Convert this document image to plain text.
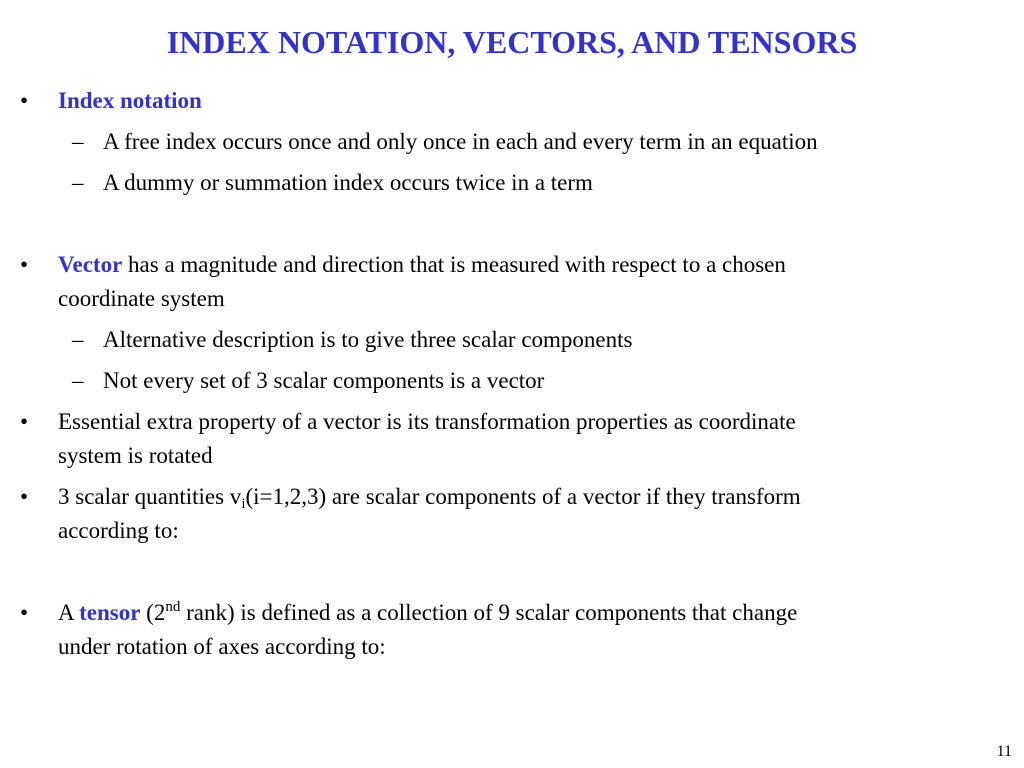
INDEX NOTATION, VECTORS, AND TENSORS
• Index notation
– A free index occurs once and only once in each and every term in an equation
– A dummy or summation index occurs twice in a term
• Vector has a magnitude and direction that is measured with respect to a chosen
coordinate system
– Alternative description is to give three scalar components
– Not every set of 3 scalar components is a vector
• Essential extra property of a vector is its transformation properties as coordinate
system is rotated
• 3 scalar quantities $v_i(i=1,2,3)$ are scalar components of a vector if they transform
according to:
• A tensor (2nd rank) is defined as a collection of 9 scalar components that change
under rotation of axes according to:
11
